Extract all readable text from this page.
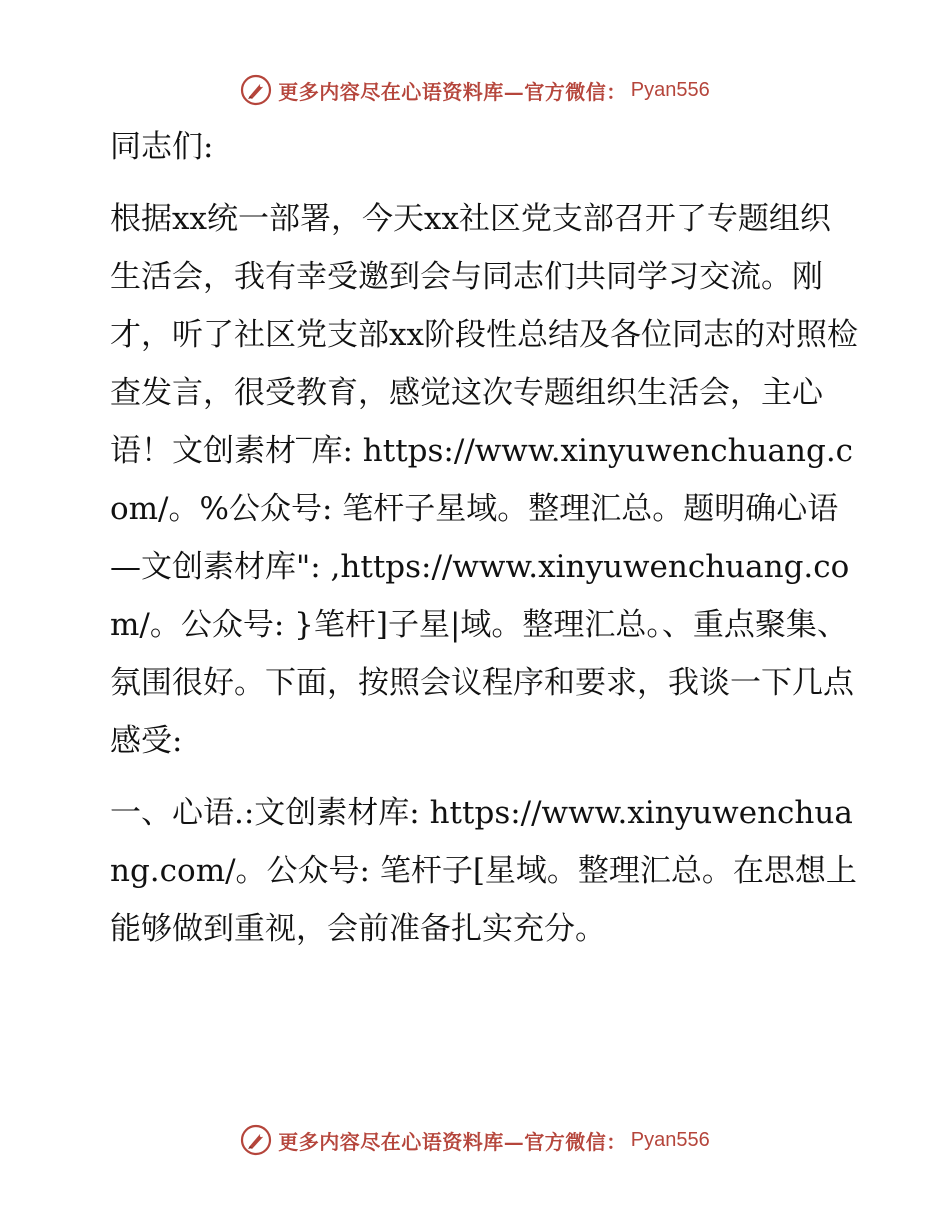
更多内容尽在心语资料库—官方微信： Pyan556

同志们:

根据xx统一部署，今天xx社区党支部召开了专题组织生活会，我有幸受邀到会与同志们共同学习交流。刚才，听了社区党支部xx阶段性总结及各位同志的对照检查发言，很受教育，感觉这次专题组织生活会，主心语！文创素材‾库: https://www.xinyuwenchuang.com/。%公众号: 笔杆子星域。整理汇总。题明确心语—文创素材库": ,https://www.xinyuwenchuang.com/。公众号: }笔杆]子星|域。整理汇总。、重点聚集、氛围很好。下面，按照会议程序和要求，我谈一下几点感受:

一、心语.:文创素材库: https://www.xinyuwenchuang.com/。公众号: 笔杆子[星域。整理汇总。在思想上能够做到重视，会前准备扎实充分。

更多内容尽在心语资料库—官方微信： Pyan556
